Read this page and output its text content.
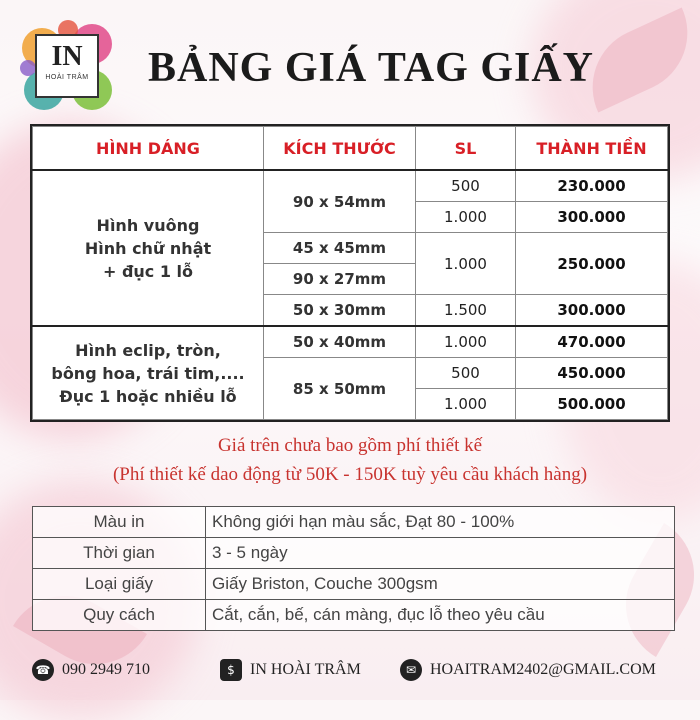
IN
HOÀI TRÂM BẢNG GIÁ TAG GIẤY
HÌNH DÁNG	KÍCH THƯỚC	SL	THÀNH TIỀN

Hình vuông
Hình chữ nhật
+ đục 1 lỗ	90 x 54mm	500	230.000
		1.000	300.000
	45 x 45mm	1.000	250.000
	90 x 27mm		
	50 x 30mm	1.500	300.000

Hình eclip, tròn,
bông hoa, trái tim,....
Đục 1 hoặc nhiều lỗ	50 x 40mm	1.000	470.000
	85 x 50mm	500	450.000
		1.000	500.000
Giá trên chưa bao gồm phí thiết kế
(Phí thiết kế dao động từ 50K - 150K tuỳ yêu cầu khách hàng)
Màu in	Không giới hạn màu sắc, Đạt 80 - 100%
Thời gian	3 - 5 ngày
Loại giấy	Giấy Briston, Couche 300gsm
Quy cách	Cắt, cắn, bế, cán màng, đục lỗ theo yêu cầu
☎ 090 2949 710	$ IN HOÀI TRÂM	✉ HOAITRAM2402@GMAIL.COM
